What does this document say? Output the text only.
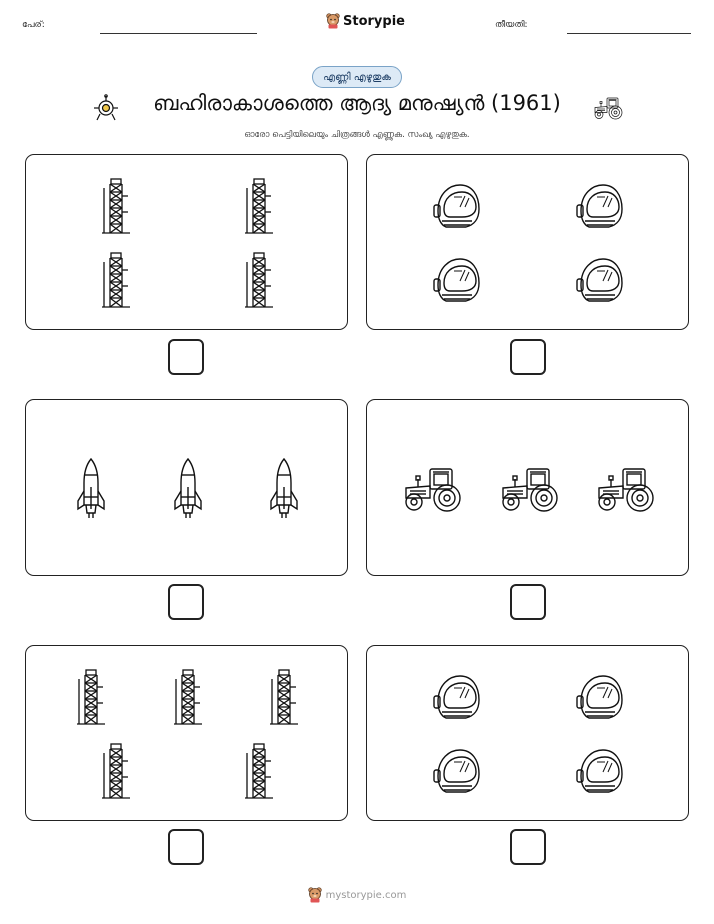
പേര്:	Storypie	തീയതി:
എണ്ണി എഴുതുക
ബഹിരാകാശത്തെ ആദ്യ മനുഷ്യൻ (1961)
ഓരോ പെട്ടിയിലെയും ചിത്രങ്ങൾ എണ്ണുക. സംഖ്യ എഴുതുക.
mystorypie.com
